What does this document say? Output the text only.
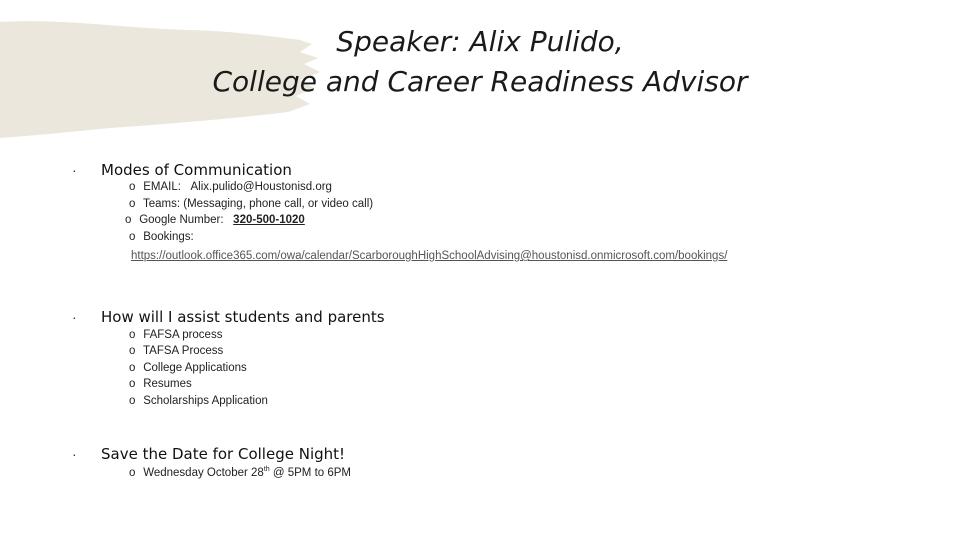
Speaker: Alix Pulido,
College and Career Readiness Advisor
· Modes of Communication
o EMAIL: Alix.pulido@Houstonisd.org
o Teams: (Messaging, phone call, or video call)
o Google Number: 320-500-1020
o Bookings:
https://outlook.office365.com/owa/calendar/ScarboroughHighSchoolAdvising@houstonisd.onmicrosoft.com/bookings/
· How will I assist students and parents
o FAFSA process
o TAFSA Process
o College Applications
o Resumes
o Scholarships Application
· Save the Date for College Night!
o Wednesday October 28th @ 5PM to 6PM
